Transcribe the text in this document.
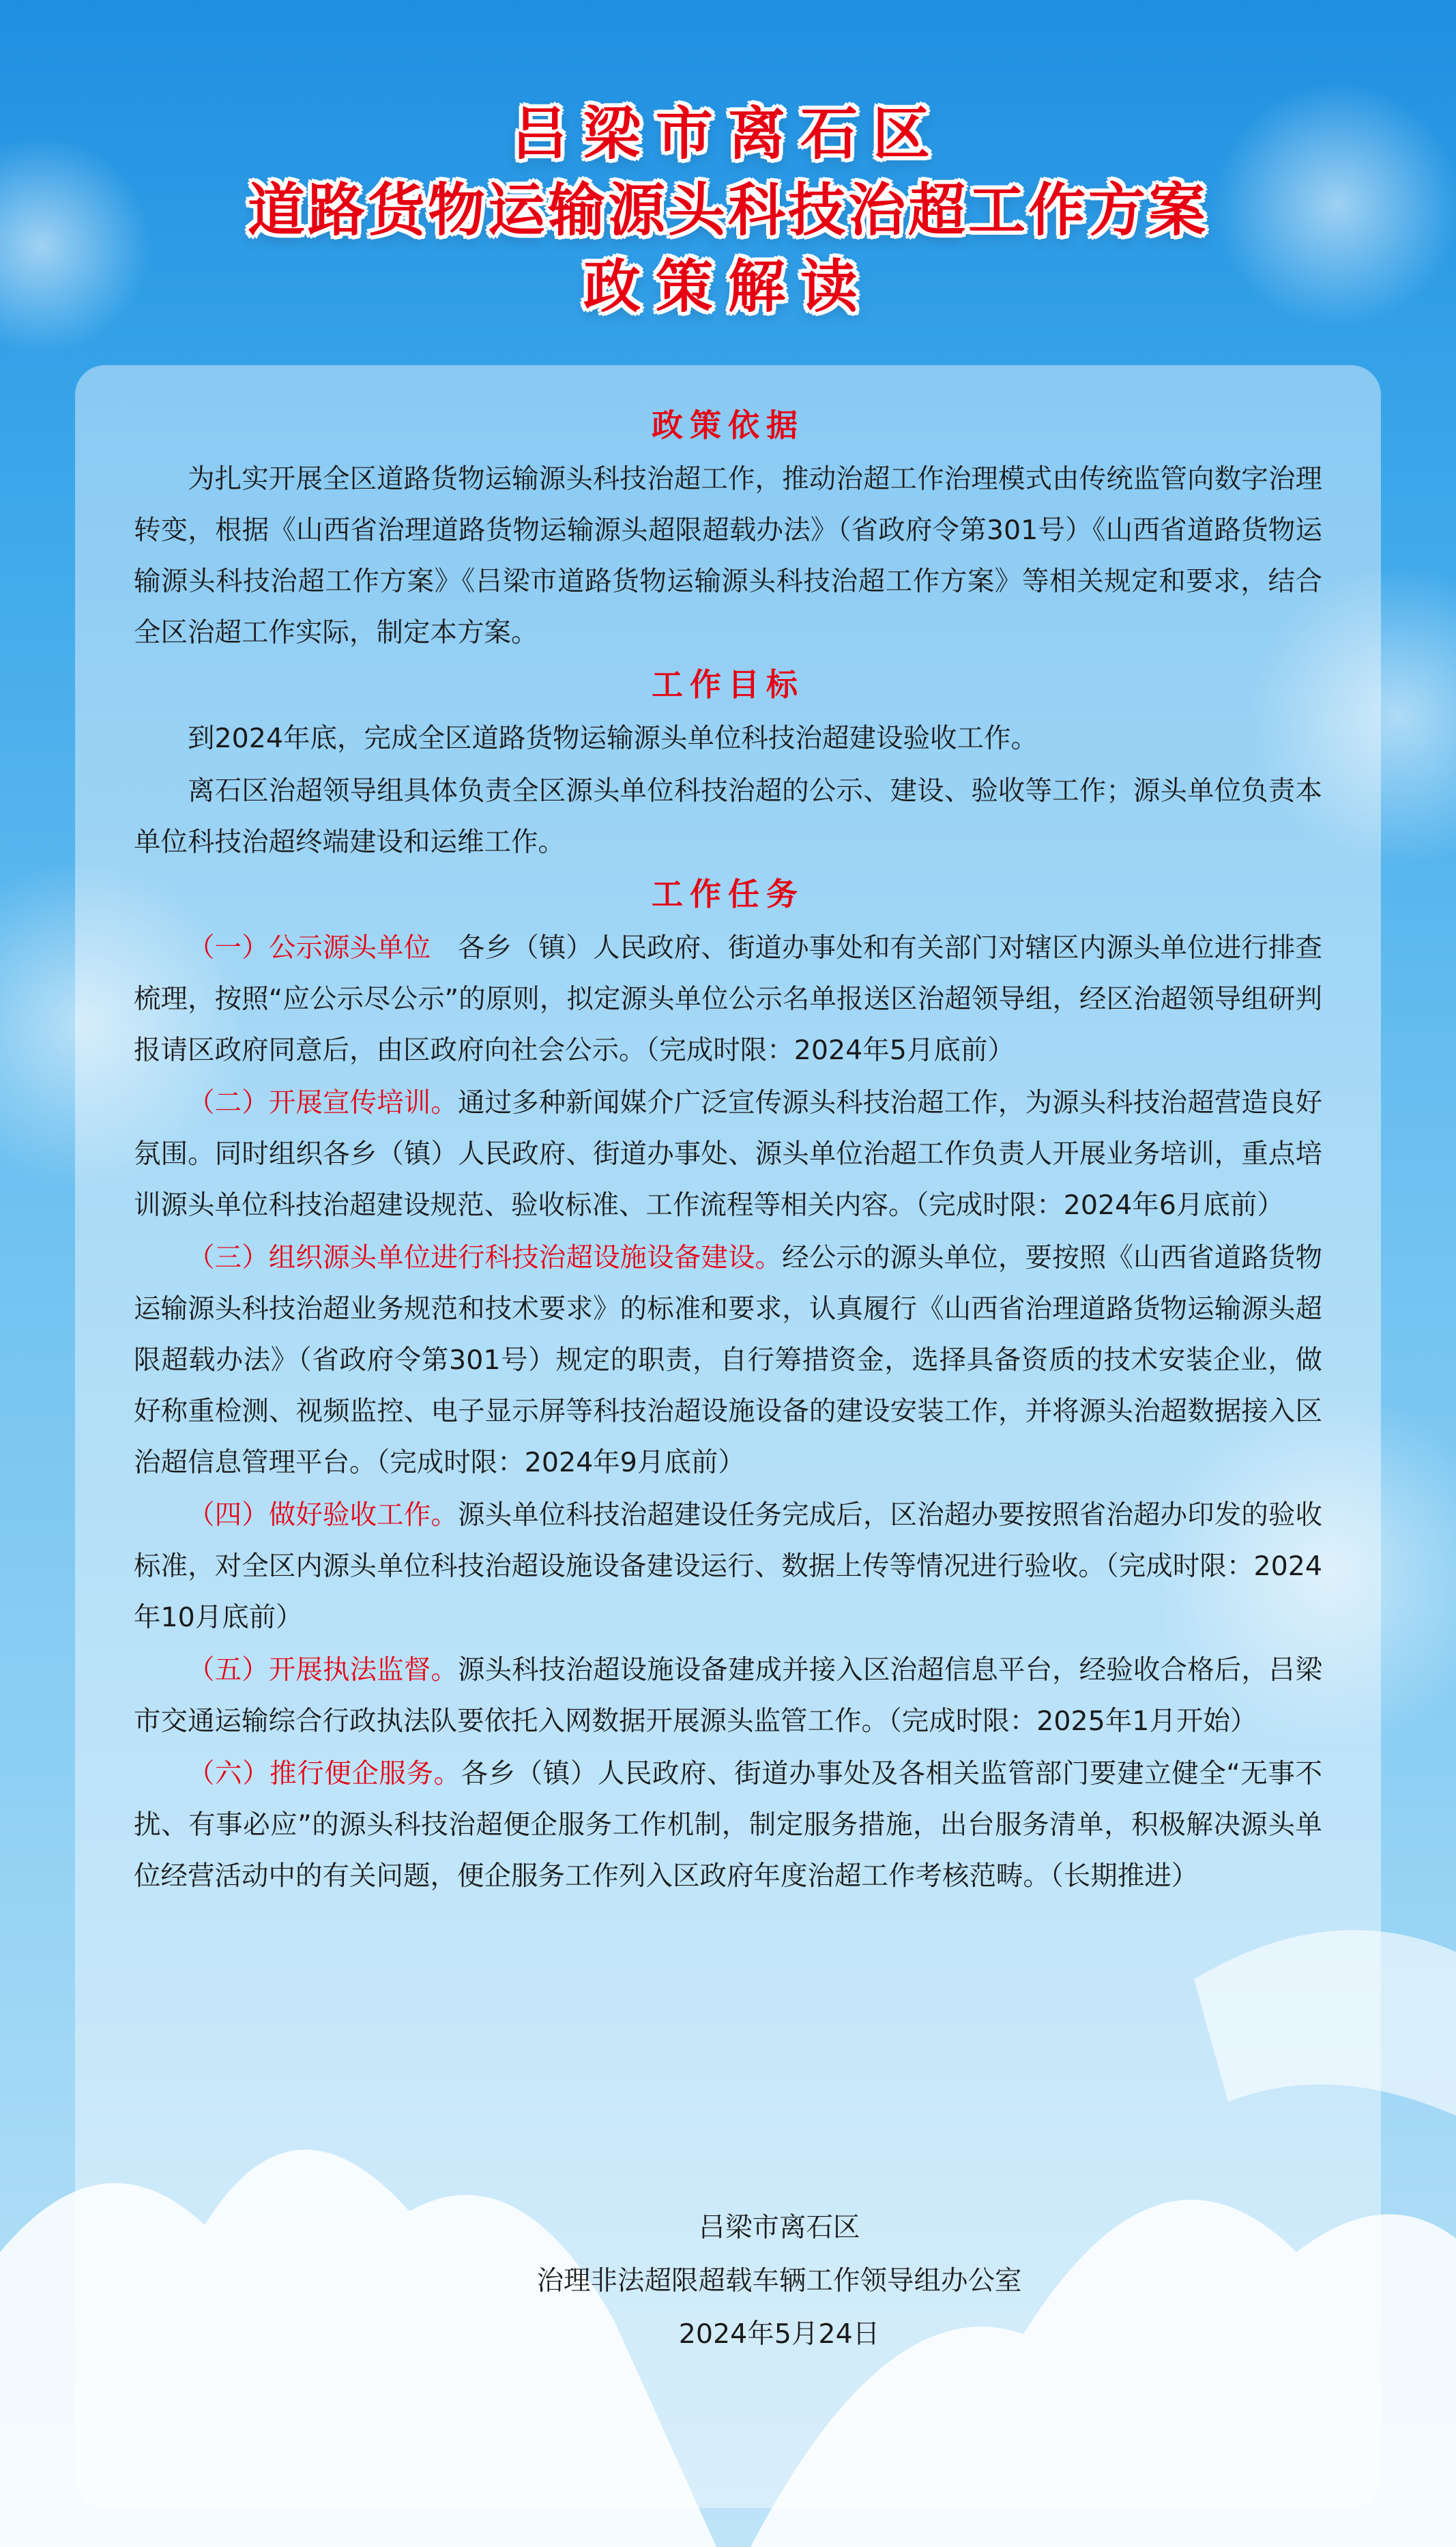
吕梁市离石区
道路货物运输源头科技治超工作方案
政策解读
政策依据

为扎实开展全区道路货物运输源头科技治超工作，推动治超工作治理模式由传统监管向数字治理转变，根据《山西省治理道路货物运输源头超限超载办法》（省政府令第301号）《山西省道路货物运输源头科技治超工作方案》《吕梁市道路货物运输源头科技治超工作方案》等相关规定和要求，结合全区治超工作实际，制定本方案。

工作目标

到2024年底，完成全区道路货物运输源头单位科技治超建设验收工作。

离石区治超领导组具体负责全区源头单位科技治超的公示、建设、验收等工作；源头单位负责本单位科技治超终端建设和运维工作。

工作任务

（一）公示源头单位　各乡（镇）人民政府、街道办事处和有关部门对辖区内源头单位进行排查梳理，按照“应公示尽公示”的原则，拟定源头单位公示名单报送区治超领导组，经区治超领导组研判报请区政府同意后，由区政府向社会公示。（完成时限：2024年5月底前）

（二）开展宣传培训。通过多种新闻媒介广泛宣传源头科技治超工作，为源头科技治超营造良好氛围。同时组织各乡（镇）人民政府、街道办事处、源头单位治超工作负责人开展业务培训，重点培训源头单位科技治超建设规范、验收标准、工作流程等相关内容。（完成时限：2024年6月底前）

（三）组织源头单位进行科技治超设施设备建设。经公示的源头单位，要按照《山西省道路货物运输源头科技治超业务规范和技术要求》的标准和要求，认真履行《山西省治理道路货物运输源头超限超载办法》（省政府令第301号）规定的职责，自行筹措资金，选择具备资质的技术安装企业，做好称重检测、视频监控、电子显示屏等科技治超设施设备的建设安装工作，并将源头治超数据接入区治超信息管理平台。（完成时限：2024年9月底前）

（四）做好验收工作。源头单位科技治超建设任务完成后，区治超办要按照省治超办印发的验收标准，对全区内源头单位科技治超设施设备建设运行、数据上传等情况进行验收。（完成时限：2024年10月底前）

（五）开展执法监督。源头科技治超设施设备建成并接入区治超信息平台，经验收合格后，吕梁市交通运输综合行政执法队要依托入网数据开展源头监管工作。（完成时限：2025年1月开始）

（六）推行便企服务。各乡（镇）人民政府、街道办事处及各相关监管部门要建立健全“无事不扰、有事必应”的源头科技治超便企服务工作机制，制定服务措施，出台服务清单，积极解决源头单位经营活动中的有关问题，便企服务工作列入区政府年度治超工作考核范畴。（长期推进）

吕梁市离石区
治理非法超限超载车辆工作领导组办公室
2024年5月24日
